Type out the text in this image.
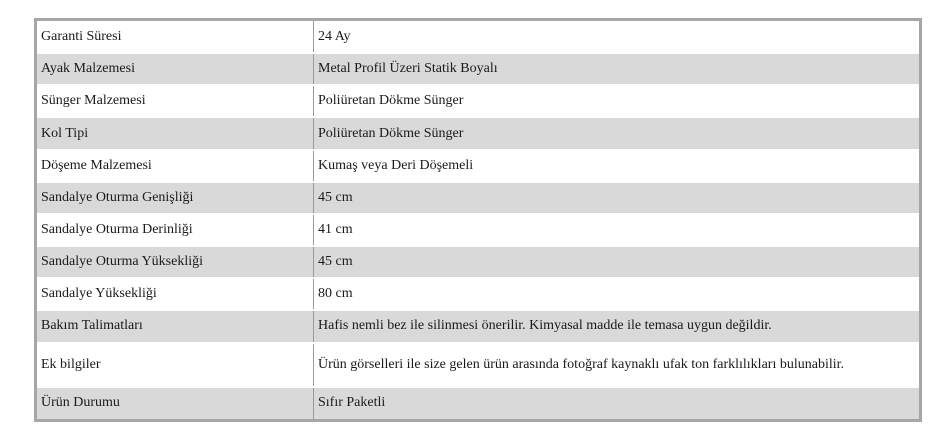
Garanti Süresi	24 Ay
Ayak Malzemesi	Metal Profil Üzeri Statik Boyalı
Sünger Malzemesi	Poliüretan Dökme Sünger
Kol Tipi	Poliüretan Dökme Sünger
Döşeme Malzemesi	Kumaş veya Deri Döşemeli
Sandalye Oturma Genişliği	45 cm
Sandalye Oturma Derinliği	41 cm
Sandalye Oturma Yüksekliği	45 cm
Sandalye Yüksekliği	80 cm
Bakım Talimatları	Hafis nemli bez ile silinmesi önerilir. Kimyasal madde ile temasa uygun değildir.
Ek bilgiler	Ürün görselleri ile size gelen ürün arasında fotoğraf kaynaklı ufak ton farklılıkları bulunabilir.
Ürün Durumu	Sıfır Paketli
